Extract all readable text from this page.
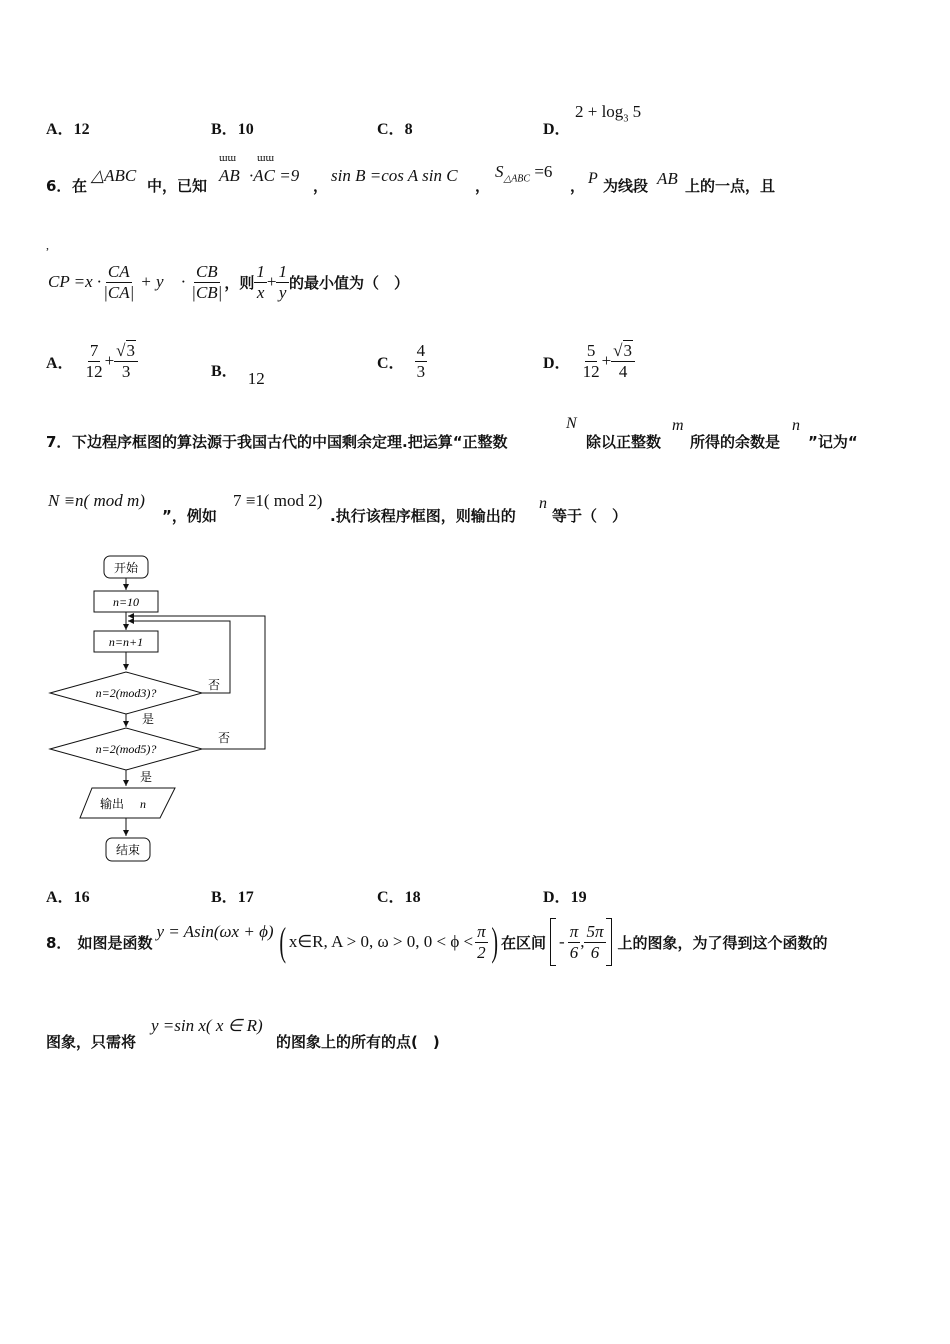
A．12	B．10	C．8	D．
$2 + \log_3 5$
6． 在
△ABC
中，已知
ɯɯ
AB
ɯɯ
·AC =9
，
sin B =cos A sin C
，
$S_{\triangle ABC} =6$
， P 为线段 AB 上的一点，且
,
CP $=x \cdot \frac{CA}{|CA|}$ + y⃗ · $\frac{CB}{|CB|}$ ，则 $\frac{1}{x} + \frac{1}{y}$ 的最小值为（　）
A． $\frac{7}{12} + \frac{√3}{3}$	B． 12
C． $\frac{4}{3}$	D． $\frac{5}{12} + \frac{√3}{4}$
7． 下边程序框图的算法源于我国古代的中国剩余定理.把运算“正整数
N
除以正整数
m
所得的余数是
n
”记为“
N ≡n( mod m)
”，例如
7 ≡1( mod 2)
.执行该程序框图，则输出的
n
等于（　）
开始
n=10
n=n+1
n=2(mod3)?
否
是
n=2(mod5)?
否
是
输出 n
结束
A．16	B．17	C．18	D．19
8． 如图是函数
y = Asin(ωx + ϕ) ( x∈R, A > 0, ω > 0, $0 < \phi < \frac{\pi}{2}$ ) 在区间 - $\frac{\pi}{6}$ , $\frac{5\pi}{6}$ 上的图象，为了得到这个函数的
图象，只需将
y =sin x( x ∈ R)
的图象上的所有的点(　)
